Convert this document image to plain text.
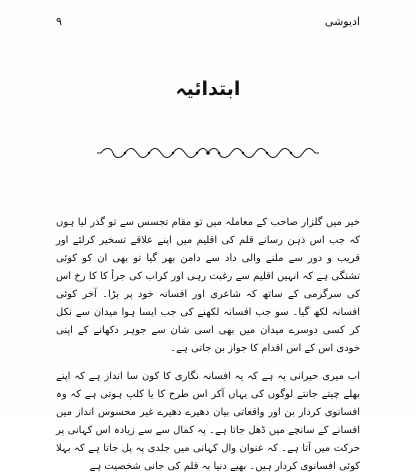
۹	ادیوشی
ابتدائیہ

خیر میں گلزار صاحب کے معاملہ میں تو مقام تجسس سے تو گذر لیا ہوں کہ جب اس ذہن رسانے قلم کی اقلیم میں اپنے علاقے تسخیر کرلئے اور قریب و دور سے ملنے والی داد سے دامن بھر گیا تو بھی ان کو کوئی تشنگی ہے کہ انہیں اقلیم سے رغبت رہی اور کراب کی جرأ کا کا رخ اس کی سرگرمی کے ساتھ کہ شاعری اور افسانہ خود پر بڑا۔ آخر کوئی افسانہ لکھ گیا۔ سو جب افسانہ لکھنے کی جب ایسا ہوا میدان سے نکل کر کسی دوسرے میدان میں بھی اسی شان سے جوہر دکھانے کے اپنی خودی اس کے اس اقدام کا جواز بن جاتی ہے۔

اب میری حیرانی یہ ہے کہ یہ افسانہ نگاری کا کون سا انداز ہے کہ اپنے بھلے چیتے جانتے لوگوں کی یہاں آکر اس طرح کا یا کلپ ہوتی ہے کہ وہ افسانوی کردار بن اور واقعاتی بیان دھیرے دھیرے غیر محسوس انداز میں افسانے کے سانچے میں ڈھل جاتا ہے۔ پہ کمال سے سے زیادہ اس کہانی پر حرکت میں آتا ہے۔ کہ عنوان وال کہانی میں جلدی پہ پل جاتا ہے کہ بہلا کوئی افسانوی کردار ہیں۔ بھیے دنیا بہ قلم کی جانی شخصیت ہے
